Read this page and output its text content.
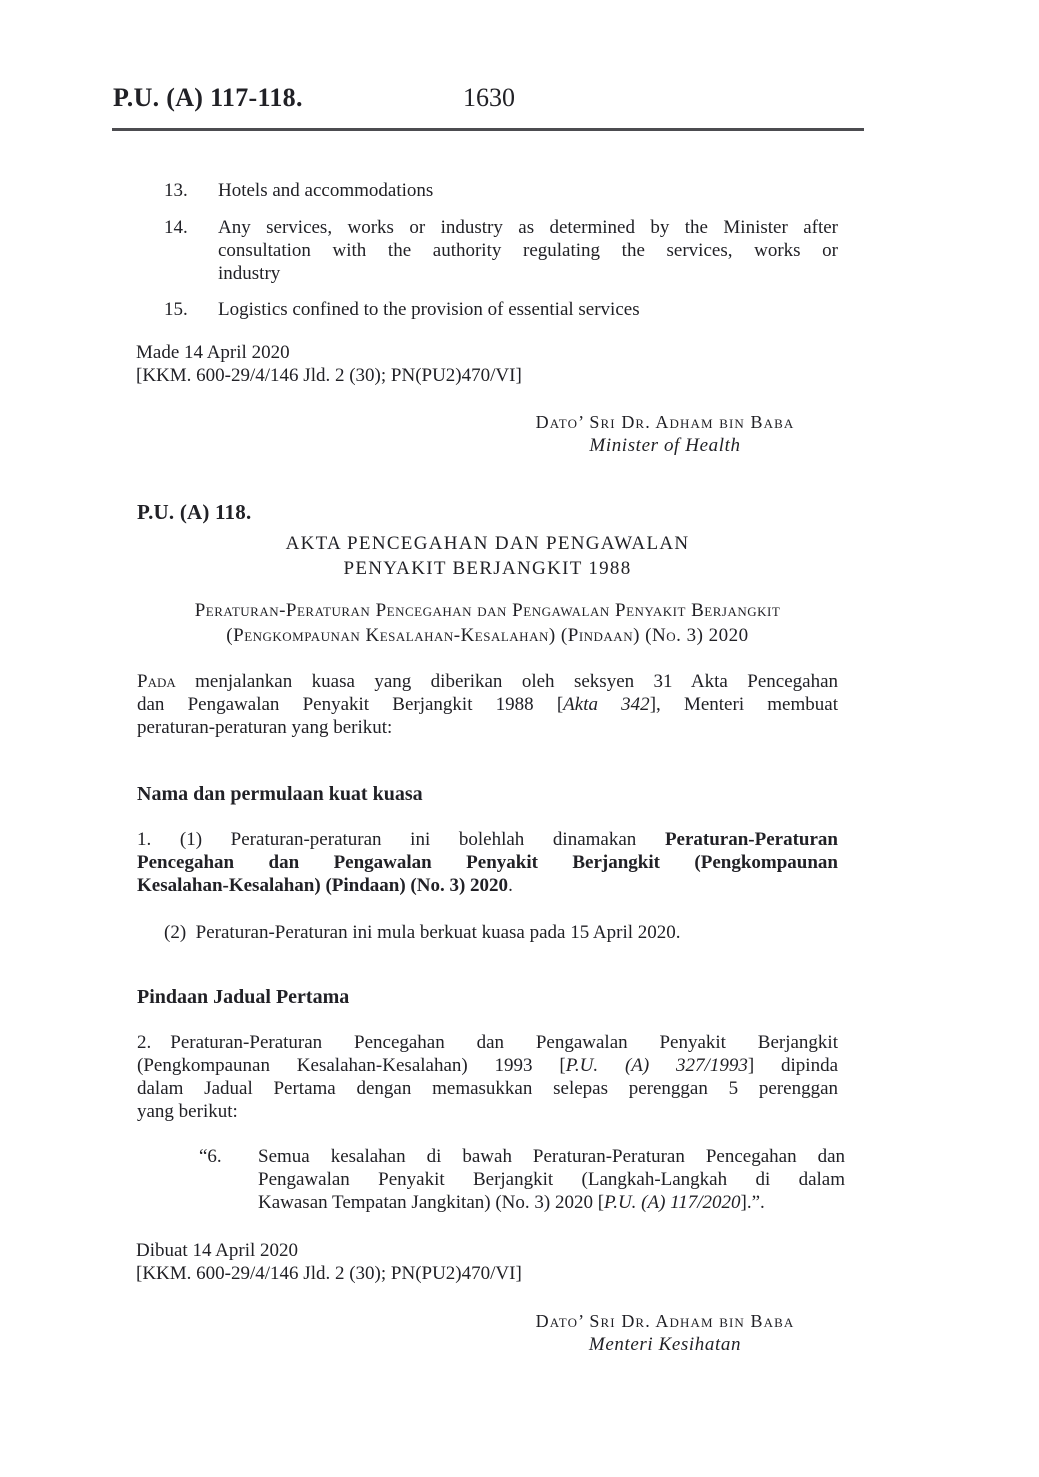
1630
P.U. (A) 117-118.
13. Hotels and accommodations
14. Any services, works or industry as determined by the Minister after
consultation with the authority regulating the services, works or
industry
15. Logistics confined to the provision of essential services
Made 14 April 2020
[KKM. 600-29/4/146 Jld. 2 (30); PN(PU2)470/VI]
Dato’ Sri Dr. Adham bin Baba
Minister of Health
P.U. (A) 118.
AKTA PENCEGAHAN DAN PENGAWALAN
PENYAKIT BERJANGKIT 1988
Peraturan-Peraturan Pencegahan dan Pengawalan Penyakit Berjangkit
(Pengkompaunan Kesalahan-Kesalahan) (Pindaan) (No. 3) 2020
Pada menjalankan kuasa yang diberikan oleh seksyen 31 Akta Pencegahan
dan Pengawalan Penyakit Berjangkit 1988 [Akta 342], Menteri membuat
peraturan-peraturan yang berikut:
Nama dan permulaan kuat kuasa
1. (1) Peraturan-peraturan ini bolehlah dinamakan Peraturan-Peraturan
Pencegahan dan Pengawalan Penyakit Berjangkit (Pengkompaunan
Kesalahan-Kesalahan) (Pindaan) (No. 3) 2020.
(2) Peraturan-Peraturan ini mula berkuat kuasa pada 15 April 2020.
Pindaan Jadual Pertama
2. Peraturan-Peraturan Pencegahan dan Pengawalan Penyakit Berjangkit
(Pengkompaunan Kesalahan-Kesalahan) 1993 [P.U. (A) 327/1993] dipinda
dalam Jadual Pertama dengan memasukkan selepas perenggan 5 perenggan
yang berikut:
“6. Semua kesalahan di bawah Peraturan-Peraturan Pencegahan dan
Pengawalan Penyakit Berjangkit (Langkah-Langkah di dalam
Kawasan Tempatan Jangkitan) (No. 3) 2020 [P.U. (A) 117/2020].”.
Dibuat 14 April 2020
[KKM. 600-29/4/146 Jld. 2 (30); PN(PU2)470/VI]
Dato’ Sri Dr. Adham bin Baba
Menteri Kesihatan
